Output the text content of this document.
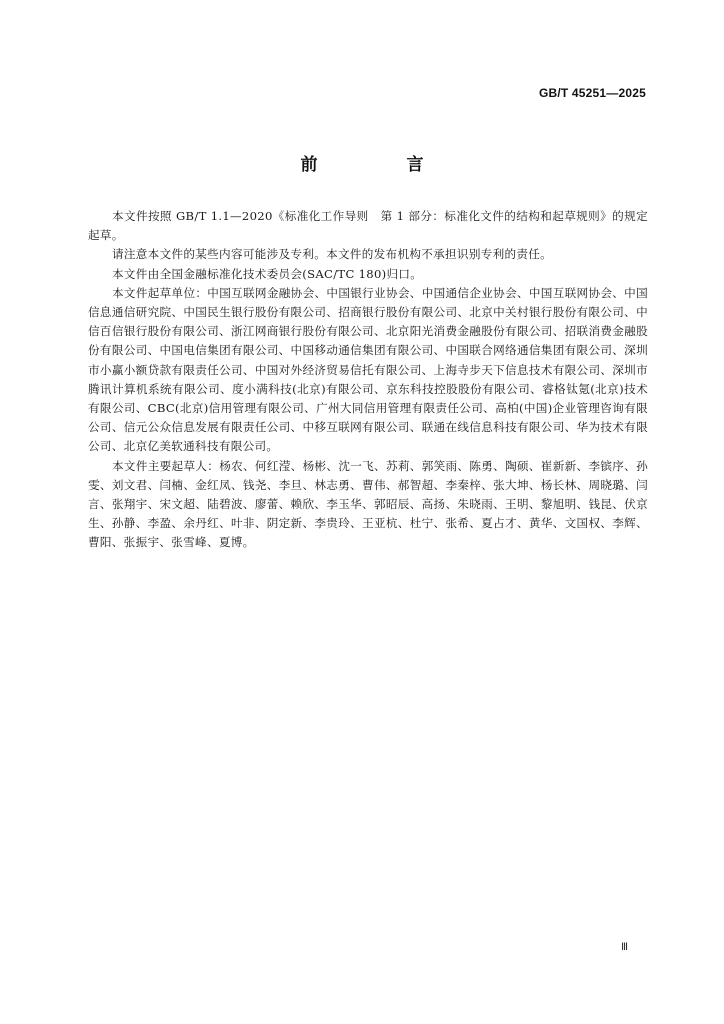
GB/T 45251—2025
前　言

本文件按照 GB/T 1.1—2020《标准化工作导则　第 1 部分：标准化文件的结构和起草规则》的规定起草。

请注意本文件的某些内容可能涉及专利。本文件的发布机构不承担识别专利的责任。

本文件由全国金融标准化技术委员会(SAC/TC 180)归口。

本文件起草单位：中国互联网金融协会、中国银行业协会、中国通信企业协会、中国互联网协会、中国信息通信研究院、中国民生银行股份有限公司、招商银行股份有限公司、北京中关村银行股份有限公司、中信百信银行股份有限公司、浙江网商银行股份有限公司、北京阳光消费金融股份有限公司、招联消费金融股份有限公司、中国电信集团有限公司、中国移动通信集团有限公司、中国联合网络通信集团有限公司、深圳市小赢小额贷款有限责任公司、中国对外经济贸易信托有限公司、上海寺步天下信息技术有限公司、深圳市腾讯计算机系统有限公司、度小满科技(北京)有限公司、京东科技控股股份有限公司、睿格钛氪(北京)技术有限公司、CBC(北京)信用管理有限公司、广州大同信用管理有限责任公司、高柏(中国)企业管理咨询有限公司、信元公众信息发展有限责任公司、中移互联网有限公司、联通在线信息科技有限公司、华为技术有限公司、北京亿美软通科技有限公司。

本文件主要起草人：杨农、何红滢、杨彬、沈一飞、苏莉、郭笑雨、陈勇、陶硕、崔新新、李镔序、孙雯、刘文君、闫楠、金红凤、钱尧、李旦、林志勇、曹伟、郝智超、李秦梓、张大坤、杨长林、周晓璐、闫言、张翔宇、宋文超、陆碧波、廖蕾、赖欣、李玉华、郭昭辰、高扬、朱晓雨、王明、黎旭明、钱昆、伏京生、孙静、李盈、余丹红、叶非、阴定新、李贵玲、王亚杭、杜宁、张希、夏占才、黄华、文国权、李辉、曹阳、张振宇、张雪峰、夏博。

Ⅲ
